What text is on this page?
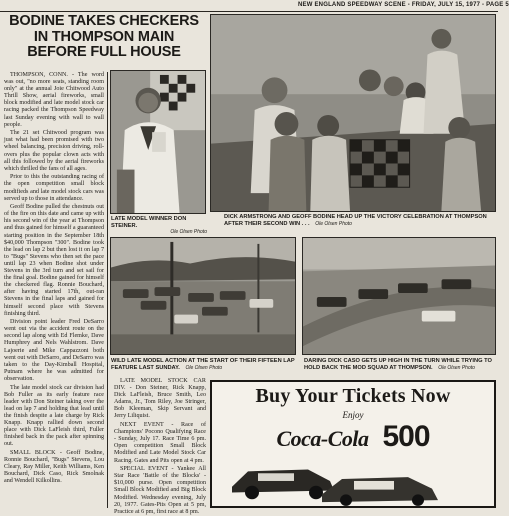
NEW ENGLAND SPEEDWAY SCENE - FRIDAY, JULY 15, 1977 - PAGE 5
BODINE TAKES CHECKERS IN THOMPSON MAIN BEFORE FULL HOUSE

THOMPSON, CONN. - The word was out, "no more seats, standing room only" at the annual Joie Chitwood Auto Thrill Show, aerial fireworks, small block modified and late model stock car racing packed the Thompson Speedway last Sunday evening with wall to wall people.

The 21 set Chitwood program was just what had been promised with two wheel balancing, precision driving, roll-overs plus the popular clown acts with all this followed by the aerial fireworks which thrilled the fans of all ages.

Prior to this the outstanding racing of the open competition small block modifieds and late model stock cars was served up to those in attendance.

Geoff Bodine pulled the chestnuts out of the fire on this date and came up with his second win of the year at Thompson and thus gained for himself a guaranteed starting position in the September 18th $40,000 Thompson "300". Bodine took the lead on lap 2 but then lost it on lap 7 to "Bugs" Stevens who then set the pace until lap 23 when Bodine shot under Stevens in the 3rd turn and set sail for the final goal. Bodine gained for himself the checkered flag. Ronnie Bouchard, after having started 17th, out-ran Stevens in the final laps and gained for himself second place with Stevens finishing third.

Division point leader Fred DeSarro went out via the accident route on the second lap along with Ed Flemke, Dave Humphrey and Nels Wahlstrom. Dave Lajoerie and Mike Cappazzoni both went out with DeSarro, and DeSarro was taken to the Day-Kimball Hospital, Putnam where he was admitted for observation.

The late model stock car division had Bob Fuller as its early feature race leader with Don Steiner taking over the lead on lap 7 and holding that lead until the finish despite a late charge by Rick Knapp. Knapp rallied down second place with Dick LaFleish third, Fuller finished back in the pack after spinning out.

SMALL BLOCK - Geoff Bodine, Ronnie Bouchard, "Bugs" Stevens, Lou Cleary, Ray Miller, Keith Williams, Ken Bouchard, Dick Caso, Rick Smolnak and Wendell Kilkollins.

LATE MODEL WINNER DON STEINER.
Ole Olsen Photo
DICK ARMSTRONG AND GEOFF BODINE HEAD UP THE VICTORY CELEBRATION AT THOMPSON AFTER THEIR SECOND WIN . . . Ole Olsen Photo
WILD LATE MODEL ACTION AT THE START OF THEIR FIFTEEN LAP FEATURE LAST SUNDAY. Ole Olsen Photo
DARING DICK CASO GETS UP HIGH IN THE TURN WHILE TRYING TO HOLD BACK THE MOD SQUAD AT THOMPSON. Ole Olsen Photo

LATE MODEL STOCK CAR DIV. - Don Steiner, Rick Knapp, Dick LaFleish, Bruce Smith, Leo Adams, Jr., Tom Riley, Joe Stringer, Bob Kleeman, Skip Servant and Jerry Liliquist.

NEXT EVENT - Race of Champions' Pocono Qualifying Race - Sunday, July 17. Race Time 6 pm. Open competition Small Block Modified and Late Model Stock Car Racing. Gates and Pits open at 4 pm.

SPECIAL EVENT - Yankee All Star Race 'Battle of the Blocks' - $10,000 purse. Open competition Small Block Modified and Big Block Modified. Wednesday evening, July 20, 1977. Gates-Pits Open at 5 pm, Practice at 6 pm, first race at 8 pm.

Buy Your Tickets Now
Enjoy
Coca-Cola 500
